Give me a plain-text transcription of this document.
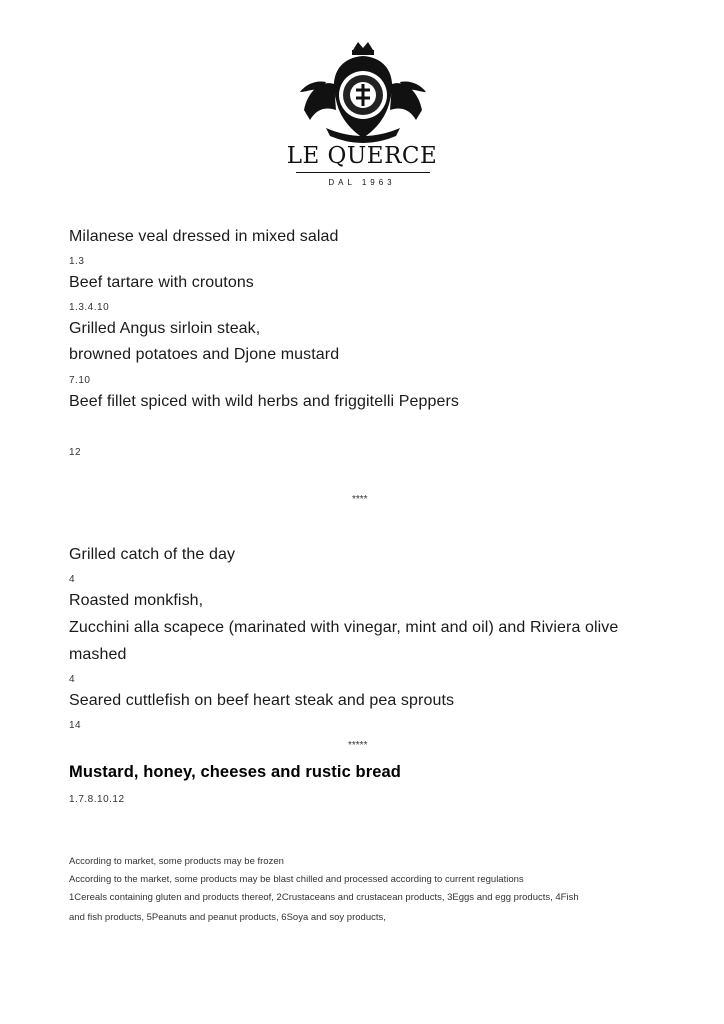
LE QUERCE
DAL 1963
Milanese veal dressed in mixed salad
1.3
Beef tartare with croutons
1.3.4.10
Grilled Angus sirloin steak,
browned potatoes and Djone mustard
7.10
Beef fillet spiced with wild herbs and friggitelli Peppers
12
****
Grilled catch of the day
4
Roasted monkfish,
Zucchini alla scapece (marinated with vinegar, mint and oil) and Riviera olive
mashed
4
Seared cuttlefish on beef heart steak and pea sprouts
14
*****
Mustard, honey, cheeses and rustic bread
1.7.8.10.12
According to market, some products may be frozen
According to the market, some products may be blast chilled and processed according to current regulations
1Cereals containing gluten and products thereof, 2Crustaceans and crustacean products, 3Eggs and egg products, 4Fish
and fish products, 5Peanuts and peanut products, 6Soya and soy products,
